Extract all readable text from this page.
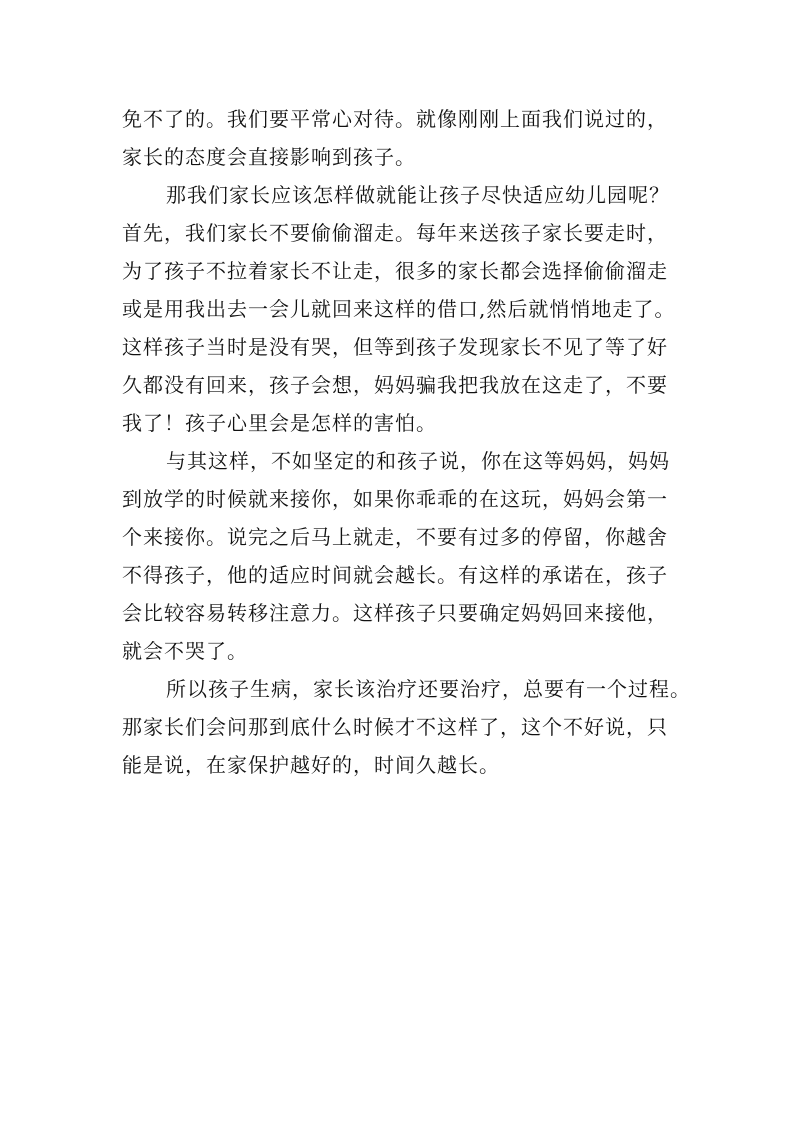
免不了的。我们要平常心对待。就像刚刚上面我们说过的，
家长的态度会直接影响到孩子。
那我们家长应该怎样做就能让孩子尽快适应幼儿园呢？
首先，我们家长不要偷偷溜走。每年来送孩子家长要走时，
为了孩子不拉着家长不让走，很多的家长都会选择偷偷溜走
或是用我出去一会儿就回来这样的借口,然后就悄悄地走了。
这样孩子当时是没有哭，但等到孩子发现家长不见了等了好
久都没有回来，孩子会想，妈妈骗我把我放在这走了，不要
我了！孩子心里会是怎样的害怕。
与其这样，不如坚定的和孩子说，你在这等妈妈，妈妈
到放学的时候就来接你，如果你乖乖的在这玩，妈妈会第一
个来接你。说完之后马上就走，不要有过多的停留，你越舍
不得孩子，他的适应时间就会越长。有这样的承诺在，孩子
会比较容易转移注意力。这样孩子只要确定妈妈回来接他，
就会不哭了。
所以孩子生病，家长该治疗还要治疗，总要有一个过程。
那家长们会问那到底什么时候才不这样了，这个不好说，只
能是说，在家保护越好的，时间久越长。
